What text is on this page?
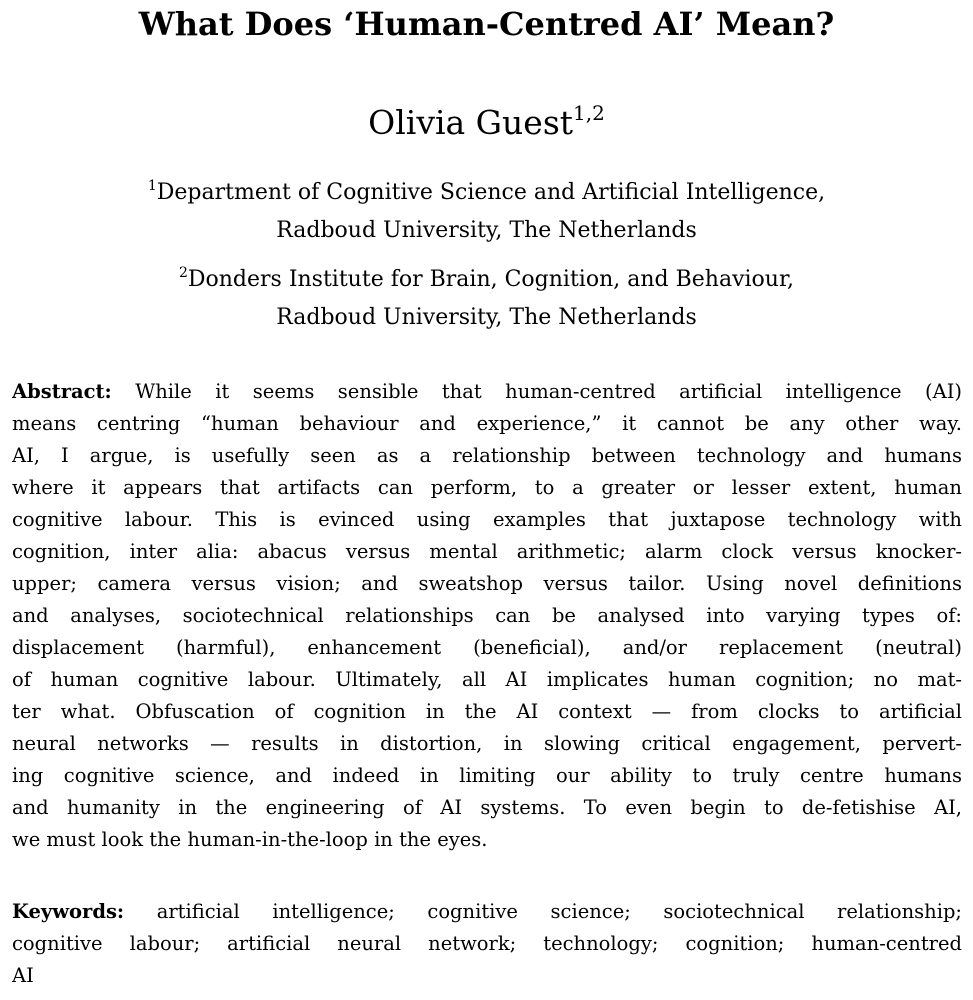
What Does ‘Human-Centred AI’ Mean?
Olivia Guest$^{1,2}$
$^1$Department of Cognitive Science and Artificial Intelligence,
Radboud University, The Netherlands
$^2$Donders Institute for Brain, Cognition, and Behaviour,
Radboud University, The Netherlands
Abstract: While it seems sensible that human-centred artificial intelligence (AI)
means centring “human behaviour and experience,” it cannot be any other way.
AI, I argue, is usefully seen as a relationship between technology and humans
where it appears that artifacts can perform, to a greater or lesser extent, human
cognitive labour. This is evinced using examples that juxtapose technology with
cognition, inter alia: abacus versus mental arithmetic; alarm clock versus knocker-
upper; camera versus vision; and sweatshop versus tailor. Using novel definitions
and analyses, sociotechnical relationships can be analysed into varying types of:
displacement (harmful), enhancement (beneficial), and/or replacement (neutral)
of human cognitive labour. Ultimately, all AI implicates human cognition; no mat-
ter what. Obfuscation of cognition in the AI context — from clocks to artificial
neural networks — results in distortion, in slowing critical engagement, pervert-
ing cognitive science, and indeed in limiting our ability to truly centre humans
and humanity in the engineering of AI systems. To even begin to de-fetishise AI,
we must look the human-in-the-loop in the eyes.
Keywords: artificial intelligence; cognitive science; sociotechnical relationship;
cognitive labour; artificial neural network; technology; cognition; human-centred
AI
